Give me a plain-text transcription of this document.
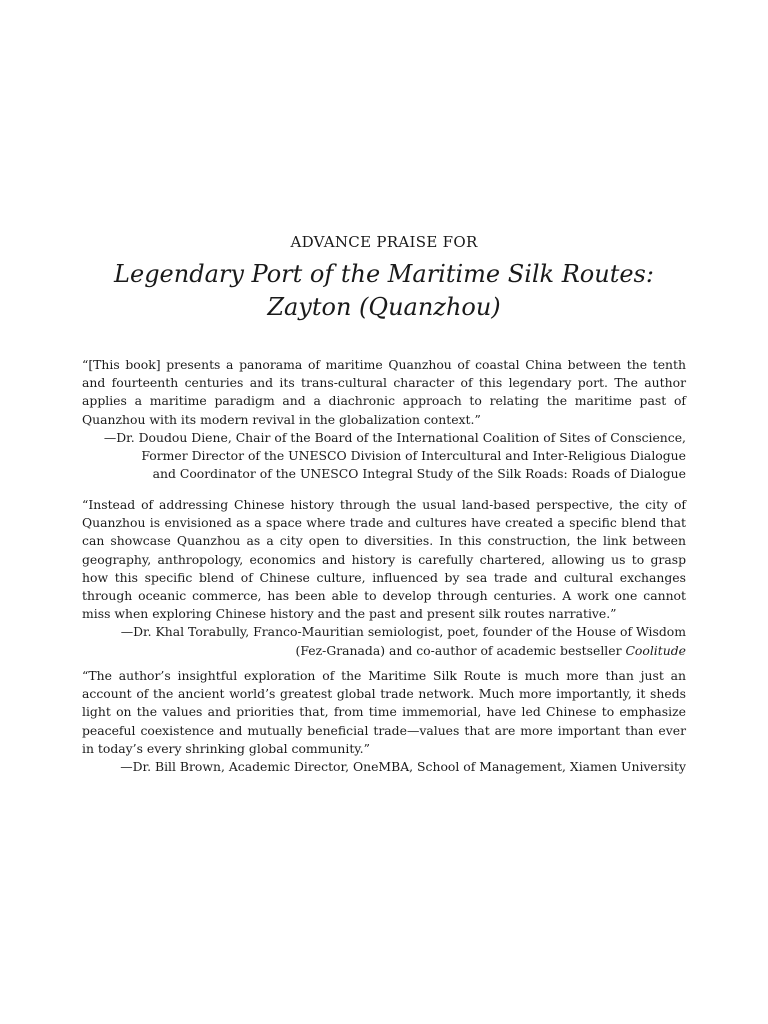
ADVANCE PRAISE FOR
Legendary Port of the Maritime Silk Routes:
Zayton (Quanzhou)

“[This book] presents a panorama of maritime Quanzhou of coastal China between the tenth and fourteenth centuries and its trans-cultural character of this legendary port. The author applies a maritime paradigm and a diachronic approach to relating the maritime past of Quanzhou with its modern revival in the globalization context.”

—Dr. Doudou Diene, Chair of the Board of the International Coalition of Sites of Conscience,

Former Director of the UNESCO Division of Intercultural and Inter-Religious Dialogue

and Coordinator of the UNESCO Integral Study of the Silk Roads: Roads of Dialogue

“Instead of addressing Chinese history through the usual land-based perspective, the city of Quanzhou is envisioned as a space where trade and cultures have created a specific blend that can showcase Quanzhou as a city open to diversities. In this construction, the link between geography, anthropology, economics and history is carefully chartered, allowing us to grasp how this specific blend of Chinese culture, influenced by sea trade and cultural exchanges through oceanic commerce, has been able to develop through centuries. A work one cannot miss when exploring Chinese history and the past and present silk routes narrative.”

—Dr. Khal Torabully, Franco-Mauritian semiologist, poet, founder of the House of Wisdom

(Fez-Granada) and co-author of academic bestseller Coolitude

“The author’s insightful exploration of the Maritime Silk Route is much more than just an account of the ancient world’s greatest global trade network. Much more importantly, it sheds light on the values and priorities that, from time immemorial, have led Chinese to emphasize peaceful coexistence and mutually beneficial trade—values that are more important than ever in today’s every shrinking global community.”

—Dr. Bill Brown, Academic Director, OneMBA, School of Management, Xiamen University
